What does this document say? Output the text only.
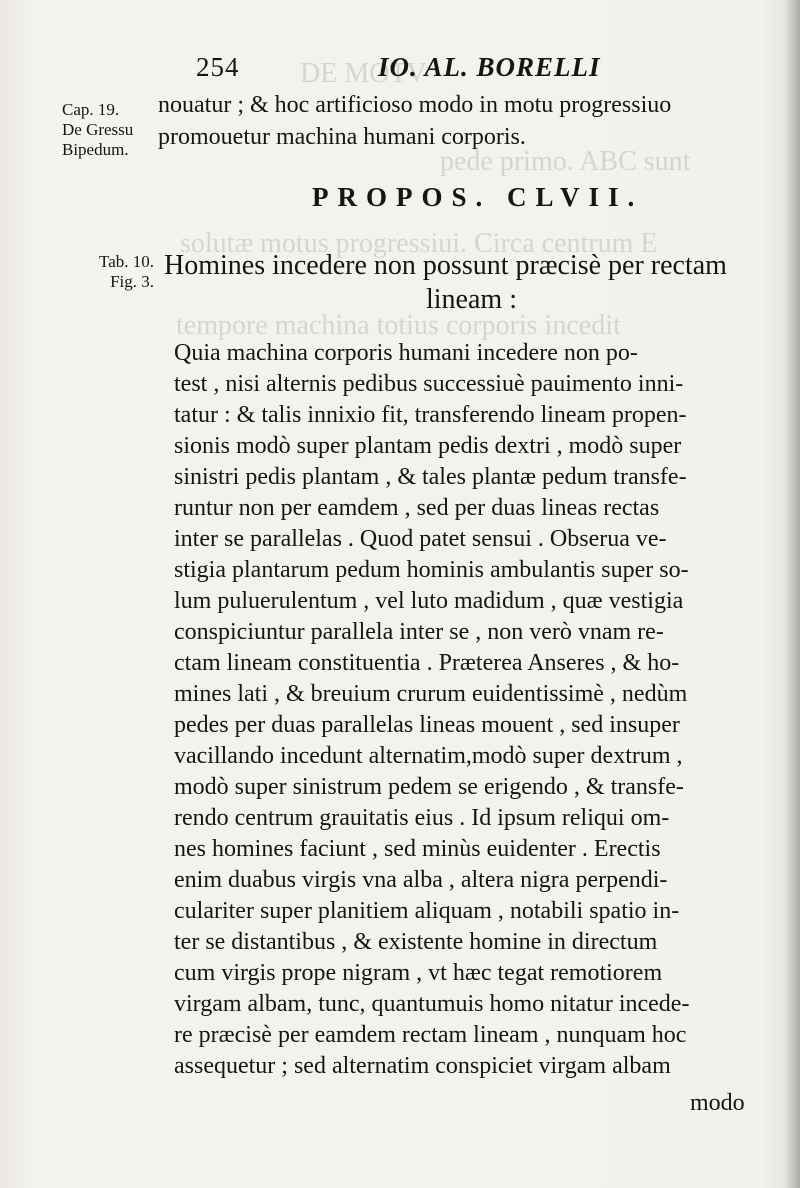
DE MOTV
pede primo. ABC sunt
solutæ motus progressiui. Circa centrum E
tempore machina totius corporis incedit
254	IO. AL. BORELLI
Cap. 19.
De Gressu
Bipedum.
Tab. 10.
Fig. 3.
nouatur ; & hoc artificioso modo in motu progressiuo
promouetur machina humani corporis.
PROPOS. CLVII.
Homines incedere non possunt præcisè per rectam
lineam :
Quia machina corporis humani incedere non po-
test , nisi alternis pedibus successiuè pauimento inni-
tatur : & talis innixio fit, transferendo lineam propen-
sionis modò super plantam pedis dextri , modò super
sinistri pedis plantam , & tales plantæ pedum transfe-
runtur non per eamdem , sed per duas lineas rectas
inter se parallelas . Quod patet sensui . Obserua ve-
stigia plantarum pedum hominis ambulantis super so-
lum puluerulentum , vel luto madidum , quæ vestigia
conspiciuntur parallela inter se , non verò vnam re-
ctam lineam constituentia . Præterea Anseres , & ho-
mines lati , & breuium crurum euidentissimè , nedùm
pedes per duas parallelas lineas mouent , sed insuper
vacillando incedunt alternatim,modò super dextrum ,
modò super sinistrum pedem se erigendo , & transfe-
rendo centrum grauitatis eius . Id ipsum reliqui om-
nes homines faciunt , sed minùs euidenter . Erectis
enim duabus virgis vna alba , altera nigra perpendi-
culariter super planitiem aliquam , notabili spatio in-
ter se distantibus , & existente homine in directum
cum virgis prope nigram , vt hæc tegat remotiorem
virgam albam, tunc, quantumuis homo nitatur incede-
re præcisè per eamdem rectam lineam , nunquam hoc
assequetur ; sed alternatim conspiciet virgam albam
modo
